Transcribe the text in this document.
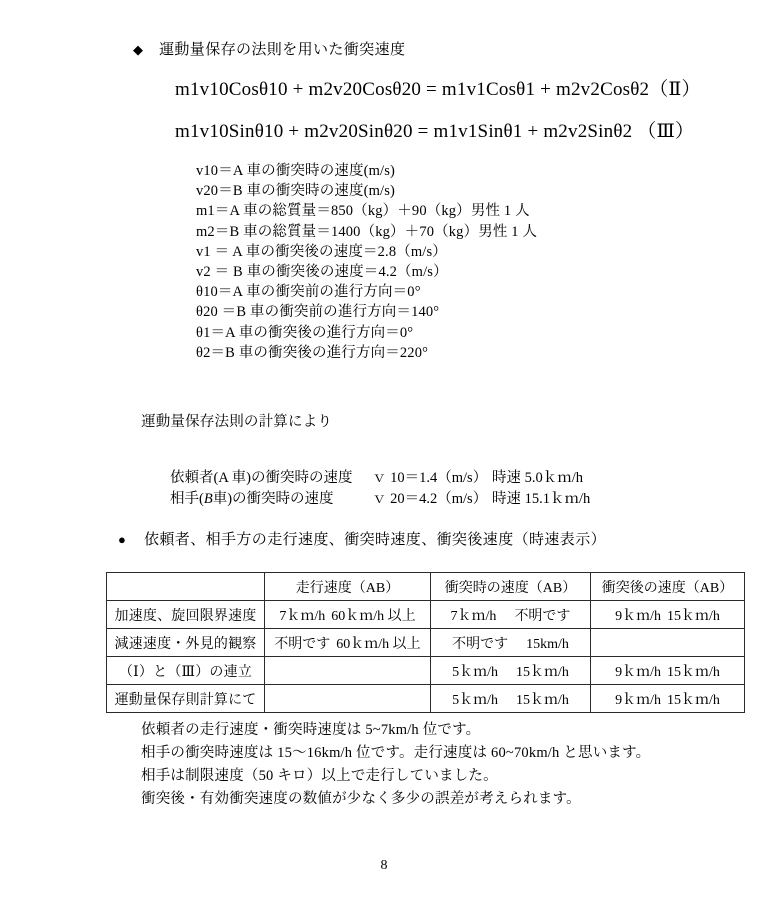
◆	運動量保存の法則を用いた衝突速度
m1v10Cosθ10 + m2v20Cosθ20 = m1v1Cosθ1 + m2v2Cosθ2（Ⅱ）
m1v10Sinθ10 + m2v20Sinθ20 = m1v1Sinθ1 + m2v2Sinθ2 （Ⅲ）
v10＝A 車の衝突時の速度(m/s)
v20＝B 車の衝突時の速度(m/s)
m1＝A 車の総質量＝850（kg）＋90（kg）男性 1 人
m2＝B 車の総質量＝1400（kg）＋70（kg）男性 1 人
v1 ＝ A 車の衝突後の速度＝2.8（m/s）
v2 ＝ B 車の衝突後の速度＝4.2（m/s）
θ10＝A 車の衝突前の進行方向＝0°
θ20 ＝B 車の衝突前の進行方向＝140°
θ1＝A 車の衝突後の進行方向＝0°
θ2＝B 車の衝突後の進行方向＝220°
運動量保存法則の計算により
依頼者(A 車)の衝突時の速度	ｖ 10＝1.4（m/s） 時速 5.0ｋｍ/h
相手(B車)の衝突時の速度	ｖ 20＝4.2（m/s） 時速 15.1ｋｍ/h
●	依頼者、相手方の走行速度、衝突時速度、衝突後速度（時速表示）
	走行速度（AB）	衝突時の速度（AB）	衝突後の速度（AB）
加速度、旋回限界速度	7ｋｍ/h 60ｋｍ/h 以上	7ｋｍ/h 不明です	9ｋｍ/h 15ｋｍ/h

減速速度・外見的観察	不明です 60ｋｍ/h 以上	不明です 15km/h	

（Ⅰ）と（Ⅲ）の連立		5ｋｍ/h 15ｋｍ/h	9ｋｍ/h 15ｋｍ/h

運動量保存則計算にて		5ｋｍ/h 15ｋｍ/h	9ｋｍ/h 15ｋｍ/h
依頼者の走行速度・衝突時速度は 5~7km/h 位です。
相手の衝突時速度は 15〜16km/h 位です。走行速度は 60~70km/h と思います。
相手は制限速度（50 キロ）以上で走行していました。
衝突後・有効衝突速度の数値が少なく多少の誤差が考えられます。
8
